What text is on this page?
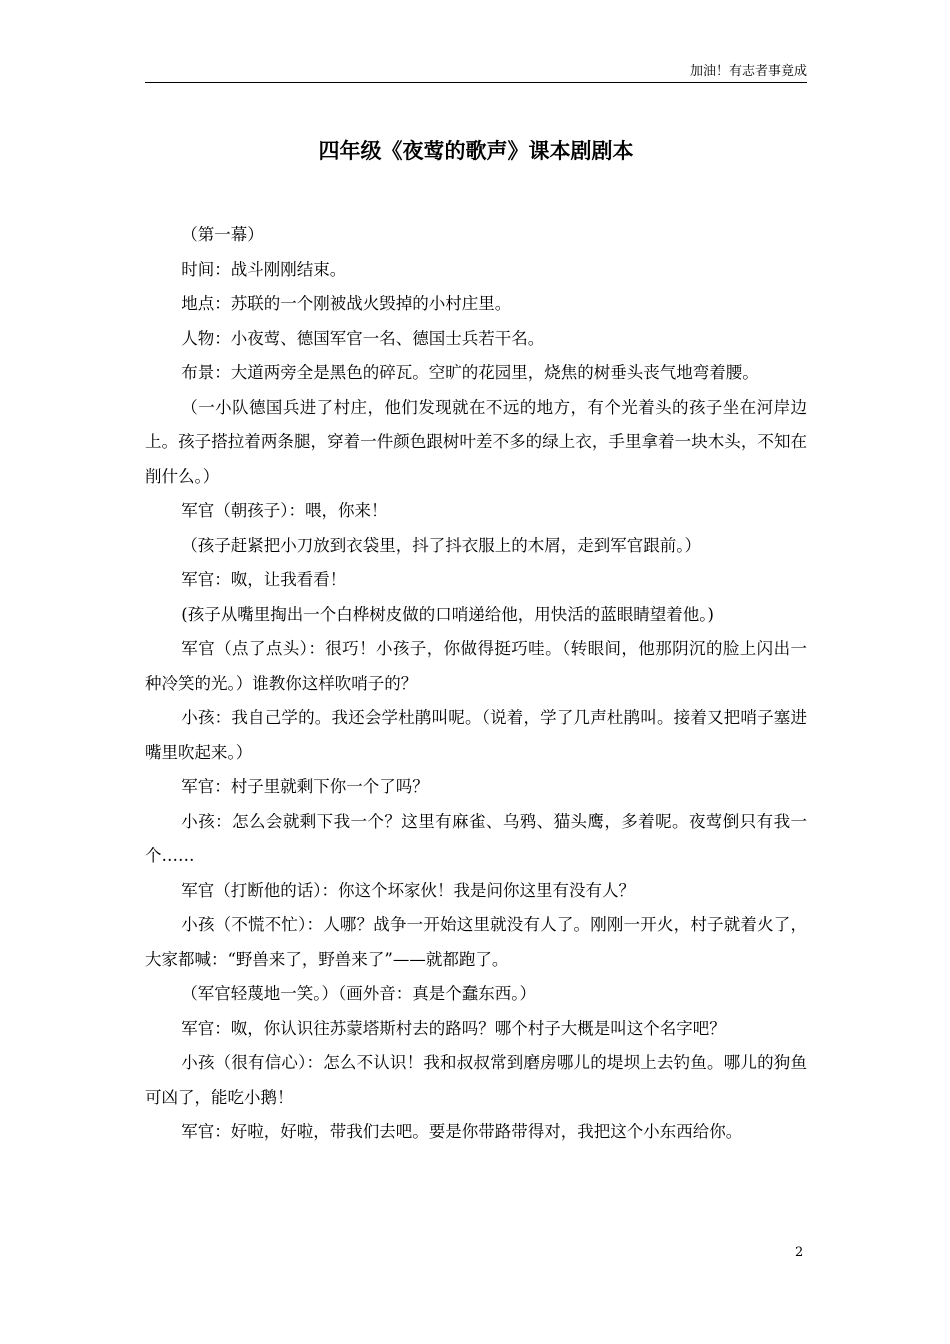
加油！有志者事竟成
四年级《夜莺的歌声》课本剧剧本

（第一幕）

时间：战斗刚刚结束。

地点：苏联的一个刚被战火毁掉的小村庄里。

人物：小夜莺、德国军官一名、德国士兵若干名。

布景：大道两旁全是黑色的碎瓦。空旷的花园里，烧焦的树垂头丧气地弯着腰。

（一小队德国兵进了村庄，他们发现就在不远的地方，有个光着头的孩子坐在河岸边上。孩子搭拉着两条腿，穿着一件颜色跟树叶差不多的绿上衣，手里拿着一块木头，不知在削什么。）

军官（朝孩子）：喂，你来！

（孩子赶紧把小刀放到衣袋里，抖了抖衣服上的木屑，走到军官跟前。）

军官：呶，让我看看！

(孩子从嘴里掏出一个白桦树皮做的口哨递给他，用快活的蓝眼睛望着他。)

军官（点了点头）：很巧！小孩子，你做得挺巧哇。（转眼间，他那阴沉的脸上闪出一种冷笑的光。）谁教你这样吹哨子的？

小孩：我自己学的。我还会学杜鹃叫呢。（说着，学了几声杜鹃叫。接着又把哨子塞进嘴里吹起来。）

军官：村子里就剩下你一个了吗？

小孩：怎么会就剩下我一个？这里有麻雀、乌鸦、猫头鹰，多着呢。夜莺倒只有我一个……

军官（打断他的话）：你这个坏家伙！我是问你这里有没有人？

小孩（不慌不忙）：人哪？战争一开始这里就没有人了。刚刚一开火，村子就着火了，大家都喊：“野兽来了，野兽来了”——就都跑了。

（军官轻蔑地一笑。）（画外音：真是个蠢东西。）

军官：呶，你认识往苏蒙塔斯村去的路吗？哪个村子大概是叫这个名字吧？

小孩（很有信心）：怎么不认识！我和叔叔常到磨房哪儿的堤坝上去钓鱼。哪儿的狗鱼可凶了，能吃小鹅！

军官：好啦，好啦，带我们去吧。要是你带路带得对，我把这个小东西给你。

2
